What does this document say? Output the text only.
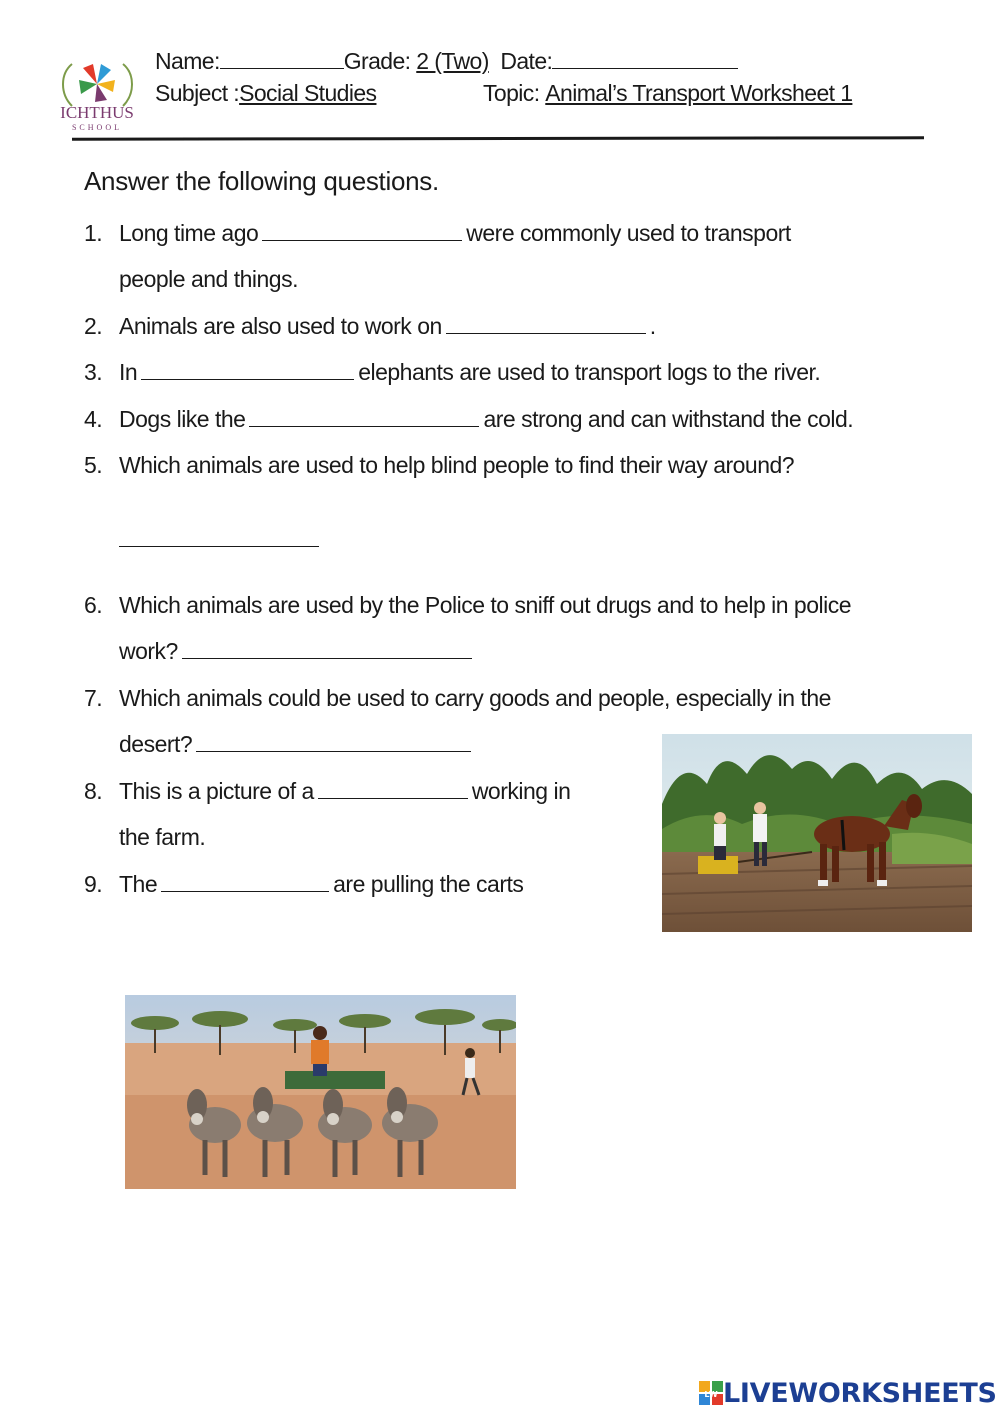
ICHTHUS
SCHOOL
Name:	Grade: 2 (Two) Date:
Subject :Social Studies	Topic: Animal’s Transport Worksheet 1
Answer the following questions.
1. Long time ago	were commonly used to transport
people and things.
2. Animals are also used to work on	.
3. In	elephants are used to transport logs to the river.
4. Dogs like the	are strong and can withstand the cold.
5. Which animals are used to help blind people to find their way around?
6. Which animals are used by the Police to sniff out drugs and to help in police
work?
7. Which animals could be used to carry goods and people, especially in the
desert?
8. This is a picture of a	working in
the farm.
9. The	are pulling the carts
LW LIVEWORKSHEETS
